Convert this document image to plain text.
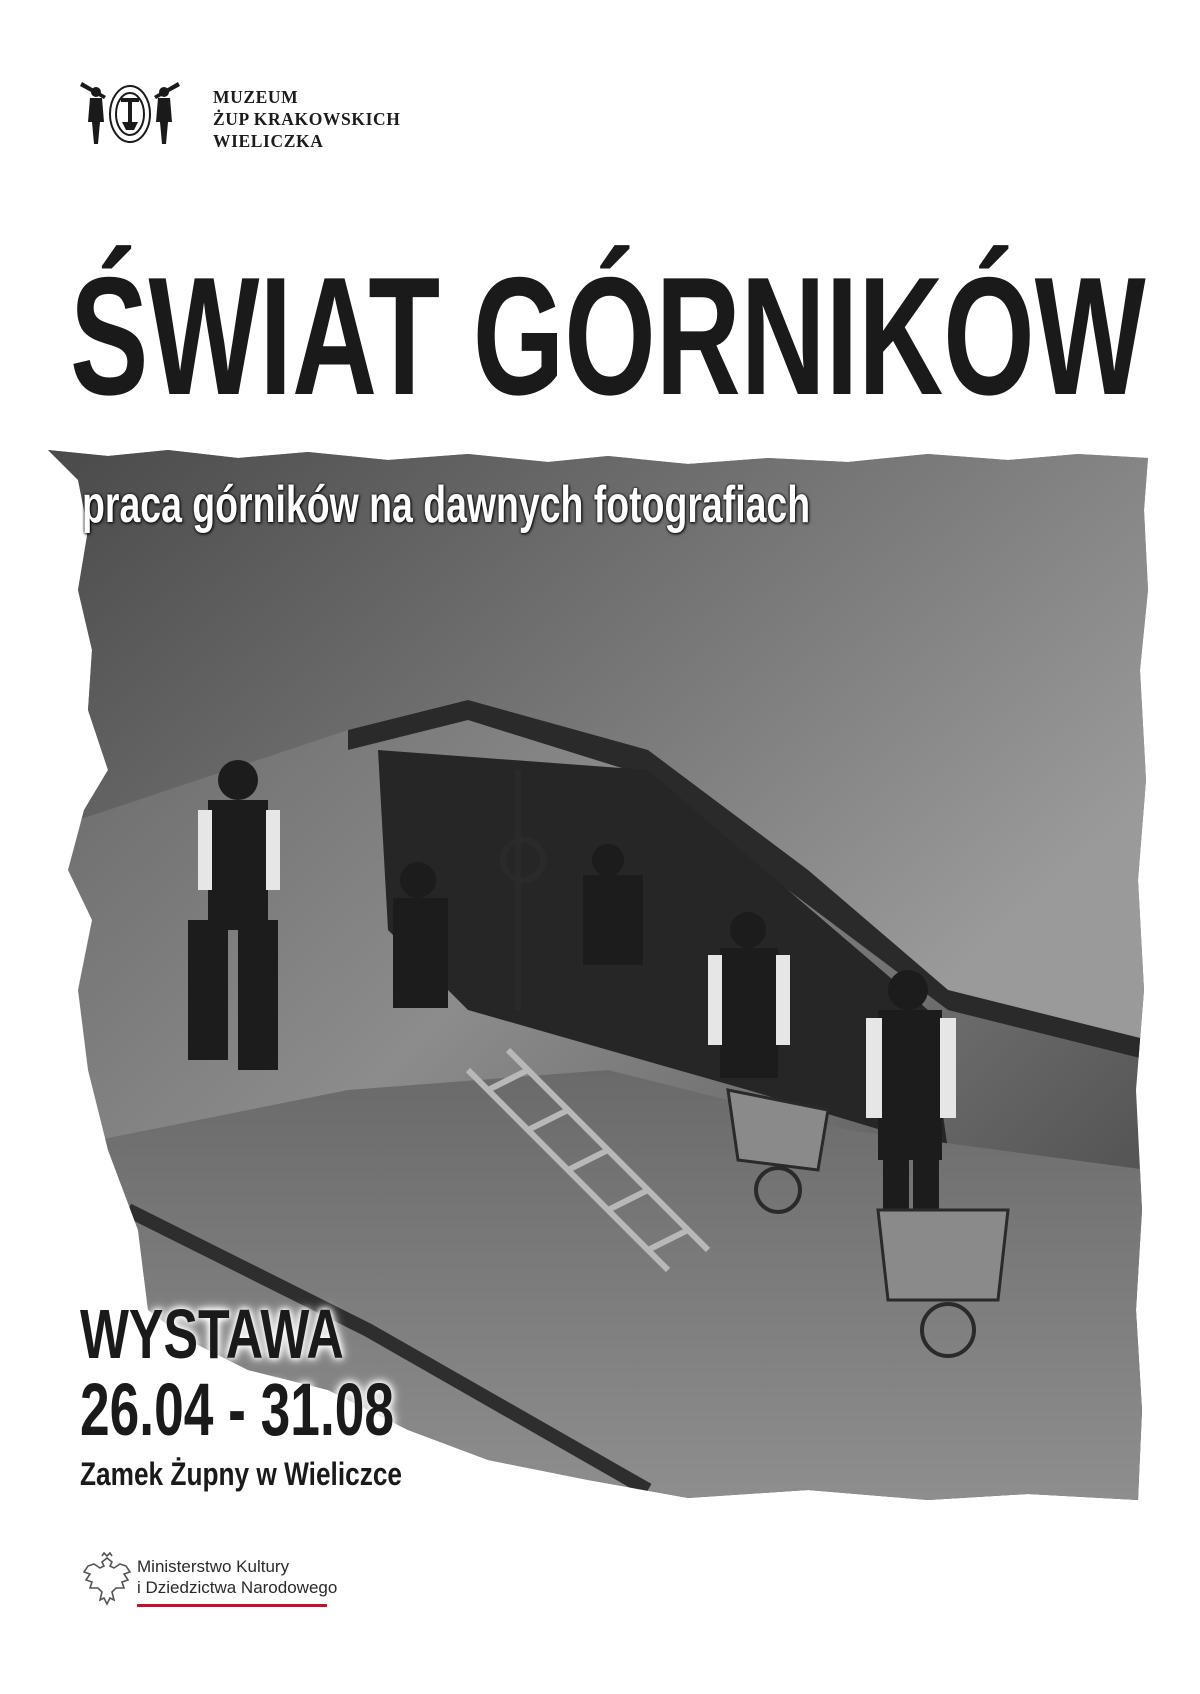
MUZEUM
ŻUP KRAKOWSKICH
WIELICZKA
ŚWIAT GÓRNIKÓW
praca górników na dawnych fotografiach
WYSTAWA
26.04 - 31.08
Zamek Żupny w Wieliczce
Ministerstwo Kultury
i Dziedzictwa Narodowego
